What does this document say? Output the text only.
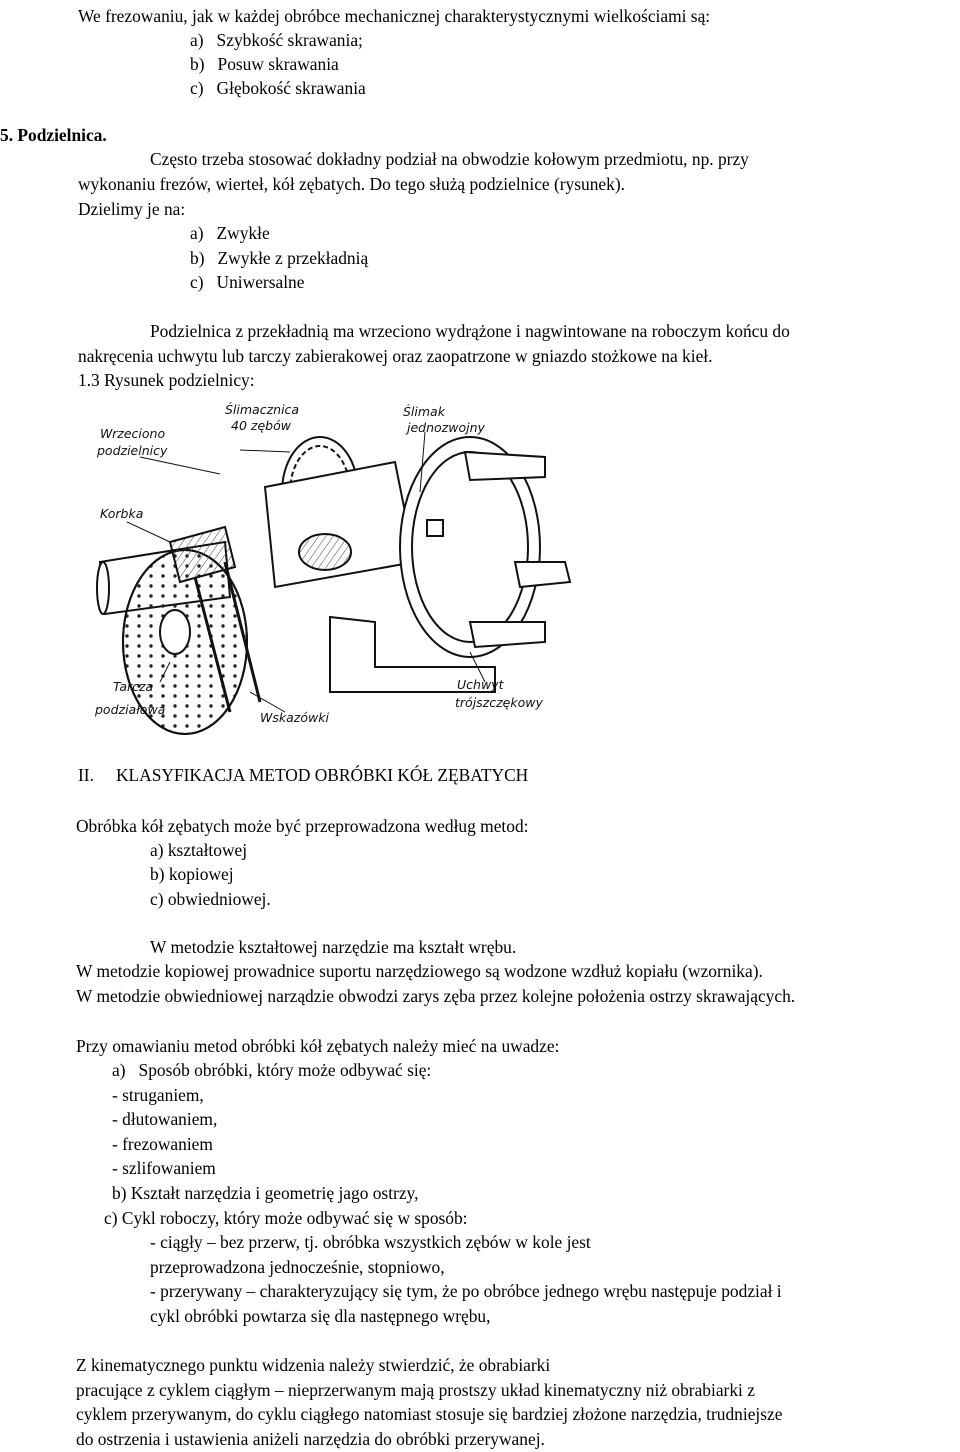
We frezowaniu, jak w każdej obróbce mechanicznej charakterystycznymi wielkościami są:
a)   Szybkość skrawania;
b)   Posuw skrawania
c)   Głębokość skrawania
5. Podzielnica.
Często trzeba stosować dokładny podział na obwodzie kołowym przedmiotu, np. przy
wykonaniu frezów, wierteł, kół zębatych. Do tego służą podzielnice (rysunek).
Dzielimy je na:
a)   Zwykłe
b)   Zwykłe z przekładnią
c)   Uniwersalne
Podzielnica z przekładnią ma wrzeciono wydrążone i nagwintowane na roboczym końcu do
nakręcenia uchwytu lub tarczy zabierakowej oraz zaopatrzone w gniazdo stożkowe na kieł.
1.3 Rysunek podzielnicy:
Ślimacznica
40 zębów
Ślimak
jednozwojny
Wrzeciono
podzielnicy
Korbka
Tarcza
podziałowa
Wskazówki
Uchwyt
trójszczękowy
II. KLASYFIKACJA METOD OBRÓBKI KÓŁ ZĘBATYCH
Obróbka kół zębatych może być przeprowadzona według metod:
a) kształtowej
b) kopiowej
c) obwiedniowej.
W metodzie kształtowej narzędzie ma kształt wrębu.
W metodzie kopiowej prowadnice suportu narzędziowego są wodzone wzdłuż kopiału (wzornika).
W metodzie obwiedniowej narządzie obwodzi zarys zęba przez kolejne położenia ostrzy skrawających.
Przy omawianiu metod obróbki kół zębatych należy mieć na uwadze:
a)   Sposób obróbki, który może odbywać się:
- struganiem,
- dłutowaniem,
- frezowaniem
- szlifowaniem
b) Kształt narzędzia i geometrię jago ostrzy,
c) Cykl roboczy, który może odbywać się w sposób:
- ciągły – bez przerw, tj. obróbka wszystkich zębów w kole jest
przeprowadzona jednocześnie, stopniowo,
- przerywany – charakteryzujący się tym, że po obróbce jednego wrębu następuje podział i
cykl obróbki powtarza się dla następnego wrębu,
Z kinematycznego punktu widzenia należy stwierdzić, że obrabiarki
pracujące z cyklem ciągłym – nieprzerwanym mają prostszy układ kinematyczny niż obrabiarki z
cyklem przerywanym, do cyklu ciągłego natomiast stosuje się bardziej złożone narzędzia, trudniejsze
do ostrzenia i ustawienia aniżeli narzędzia do obróbki przerywanej.
